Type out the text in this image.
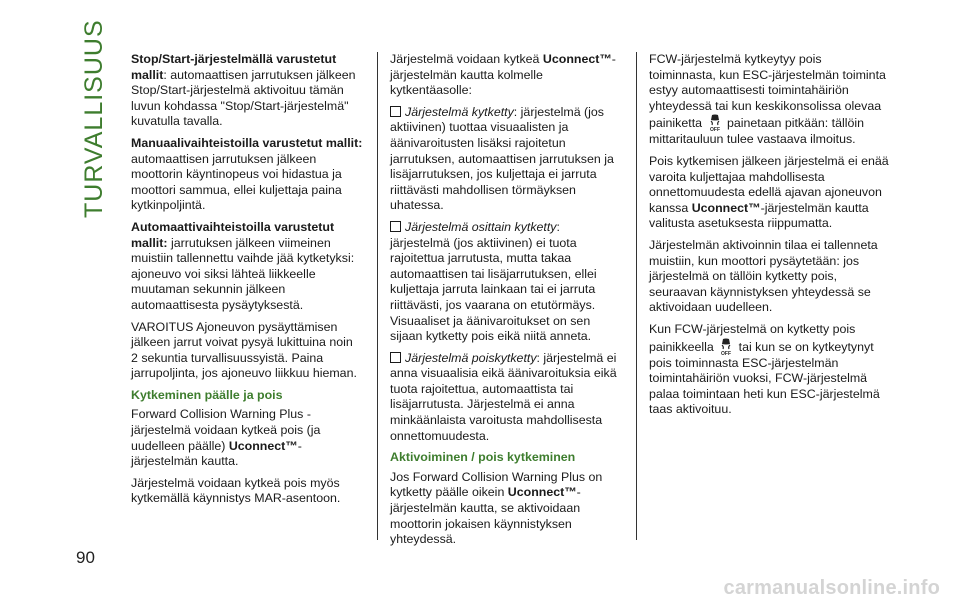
TURVALLISUUS Stop/Start-järjestelmällä varustetut mallit: automaattisen jarrutuksen jälkeen Stop/Start-järjestelmä aktivoituu tämän luvun kohdassa "Stop/Start-järjestelmä" kuvatulla tavalla.

Manuaalivaihteistoilla varustetut mallit: automaattisen jarrutuksen jälkeen moottorin käyntinopeus voi hidastua ja moottori sammua, ellei kuljettaja paina kytkinpoljintä.

Automaattivaihteistoilla varustetut mallit: jarrutuksen jälkeen viimeinen muistiin tallennettu vaihde jää kytketyksi: ajoneuvo voi siksi lähteä liikkeelle muutaman sekunnin jälkeen automaattisesta pysäytyksestä.

VAROITUS Ajoneuvon pysäyttämisen jälkeen jarrut voivat pysyä lukittuina noin 2 sekuntia turvallisuussyistä. Paina jarrupoljinta, jos ajoneuvo liikkuu hieman.

Kytkeminen päälle ja pois

Forward Collision Warning Plus -järjestelmä voidaan kytkeä pois (ja uudelleen päälle) Uconnect™-järjestelmän kautta.

Järjestelmä voidaan kytkeä pois myös kytkemällä käynnistys MAR-asentoon.

Järjestelmä voidaan kytkeä Uconnect™-järjestelmän kautta kolmelle kytkentäasolle:

Järjestelmä kytketty: järjestelmä (jos aktiivinen) tuottaa visuaalisten ja äänivaroitusten lisäksi rajoitetun jarrutuksen, automaattisen jarrutuksen ja lisäjarrutuksen, jos kuljettaja ei jarruta riittävästi mahdollisen törmäyksen uhatessa.

Järjestelmä osittain kytketty: järjestelmä (jos aktiivinen) ei tuota rajoitettua jarrutusta, mutta takaa automaattisen tai lisäjarrutuksen, ellei kuljettaja jarruta lainkaan tai ei jarruta riittävästi, jos vaarana on etutörmäys. Visuaaliset ja äänivaroitukset on sen sijaan kytketty pois eikä niitä anneta.

Järjestelmä poiskytketty: järjestelmä ei anna visuaalisia eikä äänivaroituksia eikä tuota rajoitettua, automaattista tai lisäjarrutusta. Järjestelmä ei anna minkäänlaista varoitusta mahdollisesta onnettomuudesta.

Aktivoiminen / pois kytkeminen

Jos Forward Collision Warning Plus on kytketty päälle oikein Uconnect™-järjestelmän kautta, se aktivoidaan moottorin jokaisen käynnistyksen yhteydessä.

FCW-järjestelmä kytkeytyy pois toiminnasta, kun ESC-järjestelmän toiminta estyy automaattisesti toimintahäiriön yhteydessä tai kun keskikonsolissa olevaa painiketta OFF painetaan pitkään: tällöin mittaritauluun tulee vastaava ilmoitus.

Pois kytkemisen jälkeen järjestelmä ei enää varoita kuljettajaa mahdollisesta onnettomuudesta edellä ajavan ajoneuvon kanssa Uconnect™-järjestelmän kautta valitusta asetuksesta riippumatta.

Järjestelmän aktivoinnin tilaa ei tallenneta muistiin, kun moottori pysäytetään: jos järjestelmä on tällöin kytketty pois, seuraavan käynnistyksen yhteydessä se aktivoidaan uudelleen.

Kun FCW-järjestelmä on kytketty pois painikkeella OFF tai kun se on kytkeytynyt pois toiminnasta ESC-järjestelmän toimintahäiriön vuoksi, FCW-järjestelmä palaa toimintaan heti kun ESC-järjestelmä taas aktivoituu.

90
carmanualsonline.info
